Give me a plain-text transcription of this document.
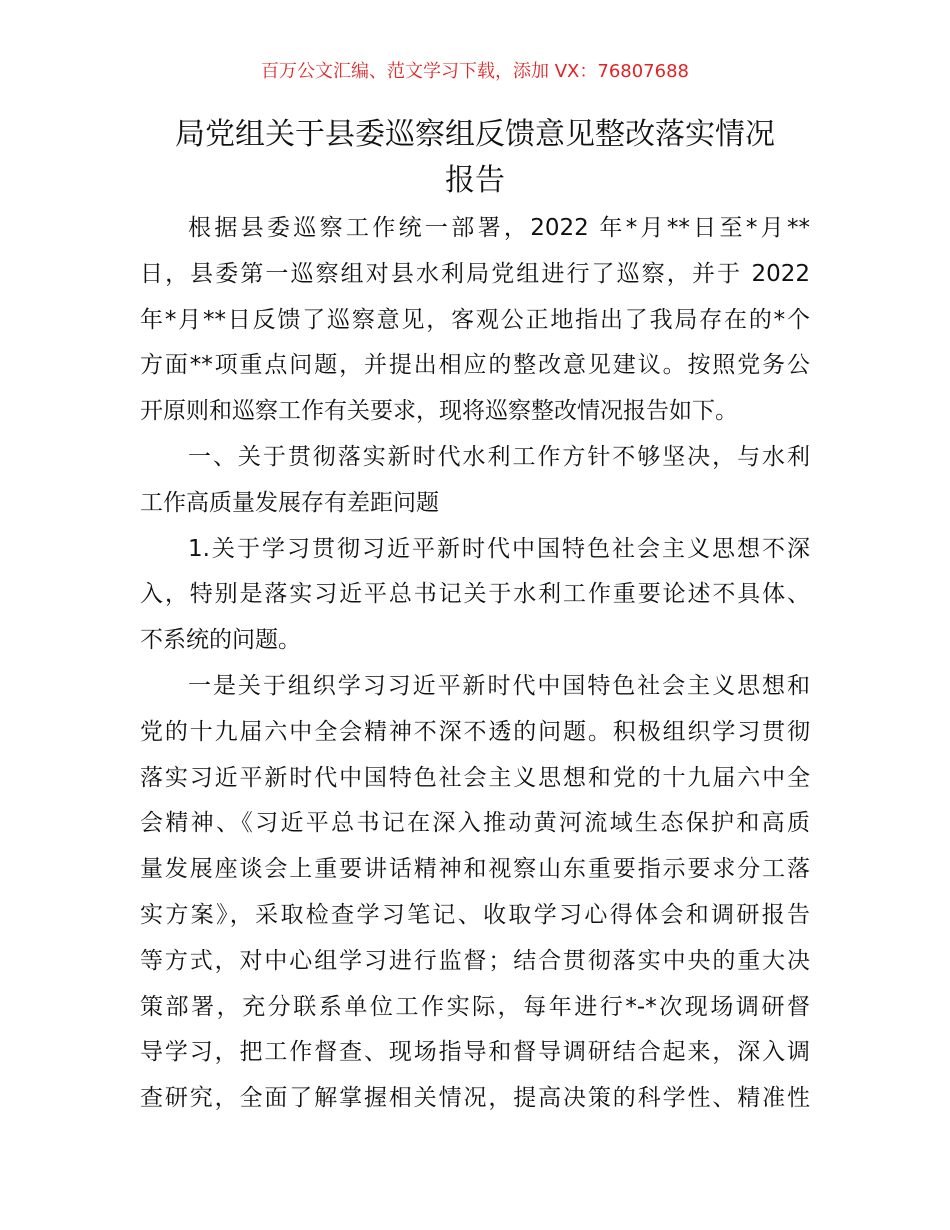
百万公文汇编、范文学习下载，添加 VX：76807688
局党组关于县委巡察组反馈意见整改落实情况
报告
根据县委巡察工作统一部署，2022 年*月**日至*月**
日，县委第一巡察组对县水利局党组进行了巡察，并于 2022
年*月**日反馈了巡察意见，客观公正地指出了我局存在的*个
方面**项重点问题，并提出相应的整改意见建议。按照党务公
开原则和巡察工作有关要求，现将巡察整改情况报告如下。
一、关于贯彻落实新时代水利工作方针不够坚决，与水利
工作高质量发展存有差距问题
1.关于学习贯彻习近平新时代中国特色社会主义思想不深
入，特别是落实习近平总书记关于水利工作重要论述不具体、
不系统的问题。
一是关于组织学习习近平新时代中国特色社会主义思想和
党的十九届六中全会精神不深不透的问题。积极组织学习贯彻
落实习近平新时代中国特色社会主义思想和党的十九届六中全
会精神、《习近平总书记在深入推动黄河流域生态保护和高质
量发展座谈会上重要讲话精神和视察山东重要指示要求分工落
实方案》，采取检查学习笔记、收取学习心得体会和调研报告
等方式，对中心组学习进行监督；结合贯彻落实中央的重大决
策部署，充分联系单位工作实际，每年进行*-*次现场调研督
导学习，把工作督查、现场指导和督导调研结合起来，深入调
查研究，全面了解掌握相关情况，提高决策的科学性、精准性
